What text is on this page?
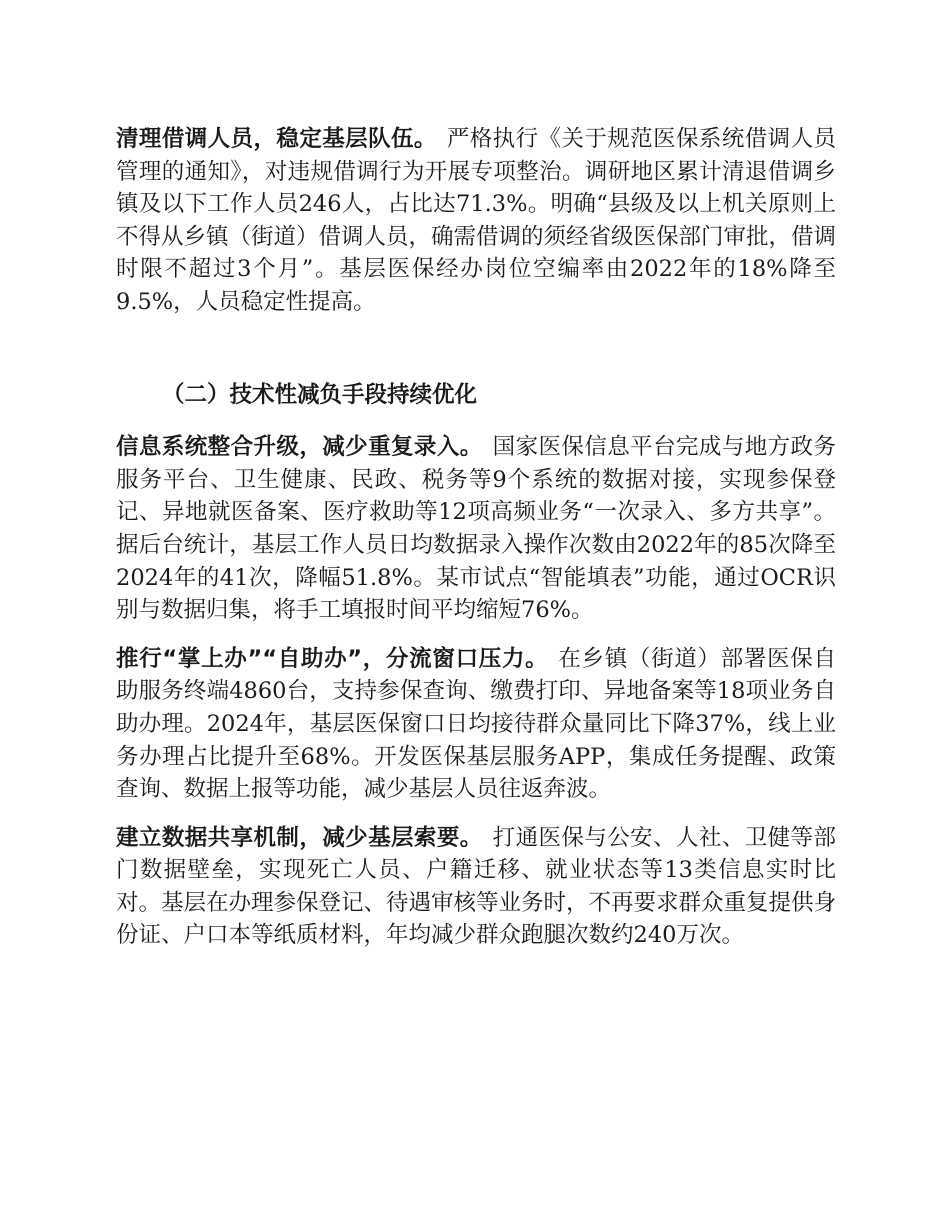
清理借调人员，稳定基层队伍。 严格执行《关于规范医保系统借调人员管理的通知》，对违规借调行为开展专项整治。调研地区累计清退借调乡镇及以下工作人员246人，占比达71.3%。明确“县级及以上机关原则上不得从乡镇（街道）借调人员，确需借调的须经省级医保部门审批，借调时限不超过3个月”。基层医保经办岗位空编率由2022年的18%降至9.5%，人员稳定性提高。

（二）技术性减负手段持续优化

信息系统整合升级，减少重复录入。 国家医保信息平台完成与地方政务服务平台、卫生健康、民政、税务等9个系统的数据对接，实现参保登记、异地就医备案、医疗救助等12项高频业务“一次录入、多方共享”。据后台统计，基层工作人员日均数据录入操作次数由2022年的85次降至2024年的41次，降幅51.8%。某市试点“智能填表”功能，通过OCR识别与数据归集，将手工填报时间平均缩短76%。

推行“掌上办”“自助办”，分流窗口压力。 在乡镇（街道）部署医保自助服务终端4860台，支持参保查询、缴费打印、异地备案等18项业务自助办理。2024年，基层医保窗口日均接待群众量同比下降37%，线上业务办理占比提升至68%。开发医保基层服务APP，集成任务提醒、政策查询、数据上报等功能，减少基层人员往返奔波。

建立数据共享机制，减少基层索要。 打通医保与公安、人社、卫健等部门数据壁垒，实现死亡人员、户籍迁移、就业状态等13类信息实时比对。基层在办理参保登记、待遇审核等业务时，不再要求群众重复提供身份证、户口本等纸质材料，年均减少群众跑腿次数约240万次。
